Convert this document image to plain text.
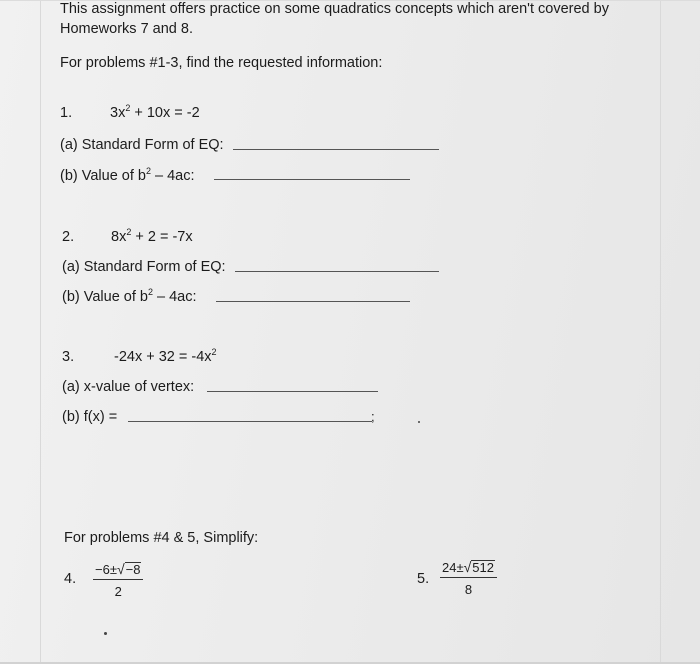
This assignment offers practice on some quadratics concepts which aren't covered by
Homeworks 7 and 8.
For problems #1-3, find the requested information:
1.	$3x^2 + 10x = -2$
(a) Standard Form of EQ:
(b) Value of $b^2 - 4ac$:
2.	$8x^2 + 2 = -7x$
(a) Standard Form of EQ:
(b) Value of $b^2 - 4ac$:
3.	$-24x + 32 = -4x^2$
(a) x-value of vertex:
(b) f(x) =	;
For problems #4 & 5, Simplify:
4. $\frac{-6\pm √ -8}{2}$	5. $\frac{24\pm √ 512}{8}$
